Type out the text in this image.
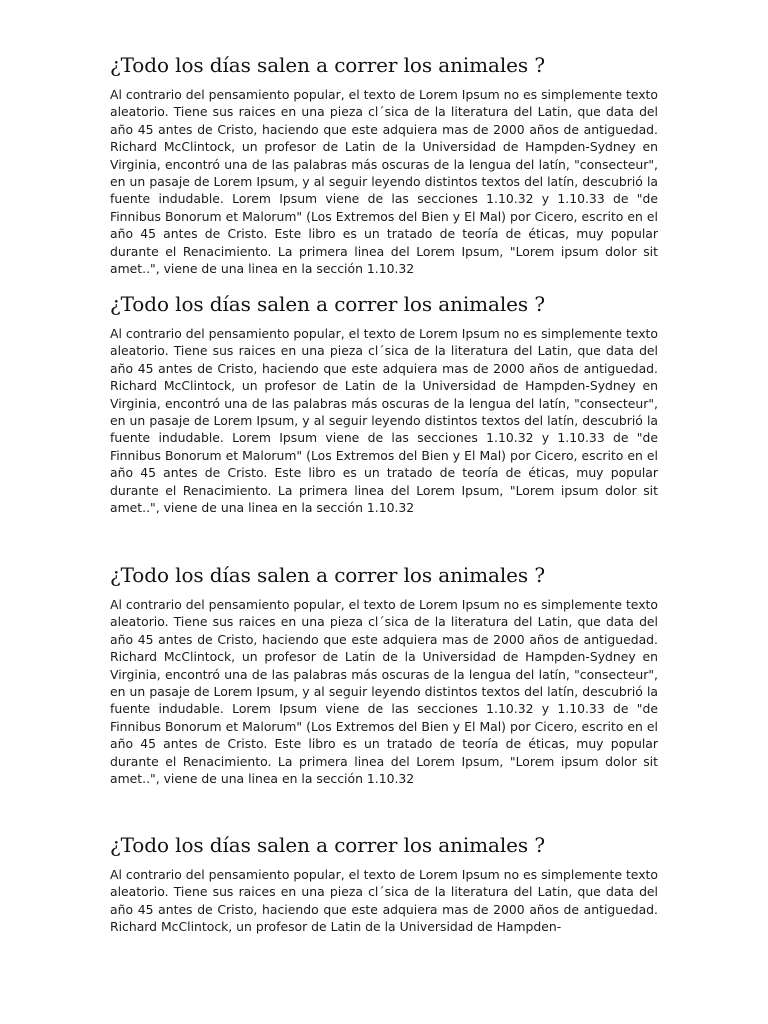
¿Todo los días salen a correr los animales ?

Al contrario del pensamiento popular, el texto de Lorem Ipsum no es simplemente texto aleatorio. Tiene sus raices en una pieza cl´sica de la literatura del Latin, que data del año 45 antes de Cristo, haciendo que este adquiera mas de 2000 años de antiguedad. Richard McClintock, un profesor de Latin de la Universidad de Hampden-Sydney en Virginia, encontró una de las palabras más oscuras de la lengua del latín, "consecteur", en un pasaje de Lorem Ipsum, y al seguir leyendo distintos textos del latín, descubrió la fuente indudable. Lorem Ipsum viene de las secciones 1.10.32 y 1.10.33 de "de Finnibus Bonorum et Malorum" (Los Extremos del Bien y El Mal) por Cicero, escrito en el año 45 antes de Cristo. Este libro es un tratado de teoría de éticas, muy popular durante el Renacimiento. La primera linea del Lorem Ipsum, "Lorem ipsum dolor sit amet..", viene de una linea en la sección 1.10.32

¿Todo los días salen a correr los animales ?

Al contrario del pensamiento popular, el texto de Lorem Ipsum no es simplemente texto aleatorio. Tiene sus raices en una pieza cl´sica de la literatura del Latin, que data del año 45 antes de Cristo, haciendo que este adquiera mas de 2000 años de antiguedad. Richard McClintock, un profesor de Latin de la Universidad de Hampden-Sydney en Virginia, encontró una de las palabras más oscuras de la lengua del latín, "consecteur", en un pasaje de Lorem Ipsum, y al seguir leyendo distintos textos del latín, descubrió la fuente indudable. Lorem Ipsum viene de las secciones 1.10.32 y 1.10.33 de "de Finnibus Bonorum et Malorum" (Los Extremos del Bien y El Mal) por Cicero, escrito en el año 45 antes de Cristo. Este libro es un tratado de teoría de éticas, muy popular durante el Renacimiento. La primera linea del Lorem Ipsum, "Lorem ipsum dolor sit amet..", viene de una linea en la sección 1.10.32

¿Todo los días salen a correr los animales ?

Al contrario del pensamiento popular, el texto de Lorem Ipsum no es simplemente texto aleatorio. Tiene sus raices en una pieza cl´sica de la literatura del Latin, que data del año 45 antes de Cristo, haciendo que este adquiera mas de 2000 años de antiguedad. Richard McClintock, un profesor de Latin de la Universidad de Hampden-Sydney en Virginia, encontró una de las palabras más oscuras de la lengua del latín, "consecteur", en un pasaje de Lorem Ipsum, y al seguir leyendo distintos textos del latín, descubrió la fuente indudable. Lorem Ipsum viene de las secciones 1.10.32 y 1.10.33 de "de Finnibus Bonorum et Malorum" (Los Extremos del Bien y El Mal) por Cicero, escrito en el año 45 antes de Cristo. Este libro es un tratado de teoría de éticas, muy popular durante el Renacimiento. La primera linea del Lorem Ipsum, "Lorem ipsum dolor sit amet..", viene de una linea en la sección 1.10.32

¿Todo los días salen a correr los animales ?

Al contrario del pensamiento popular, el texto de Lorem Ipsum no es simplemente texto aleatorio. Tiene sus raices en una pieza cl´sica de la literatura del Latin, que data del año 45 antes de Cristo, haciendo que este adquiera mas de 2000 años de antiguedad. Richard McClintock, un profesor de Latin de la Universidad de Hampden-
